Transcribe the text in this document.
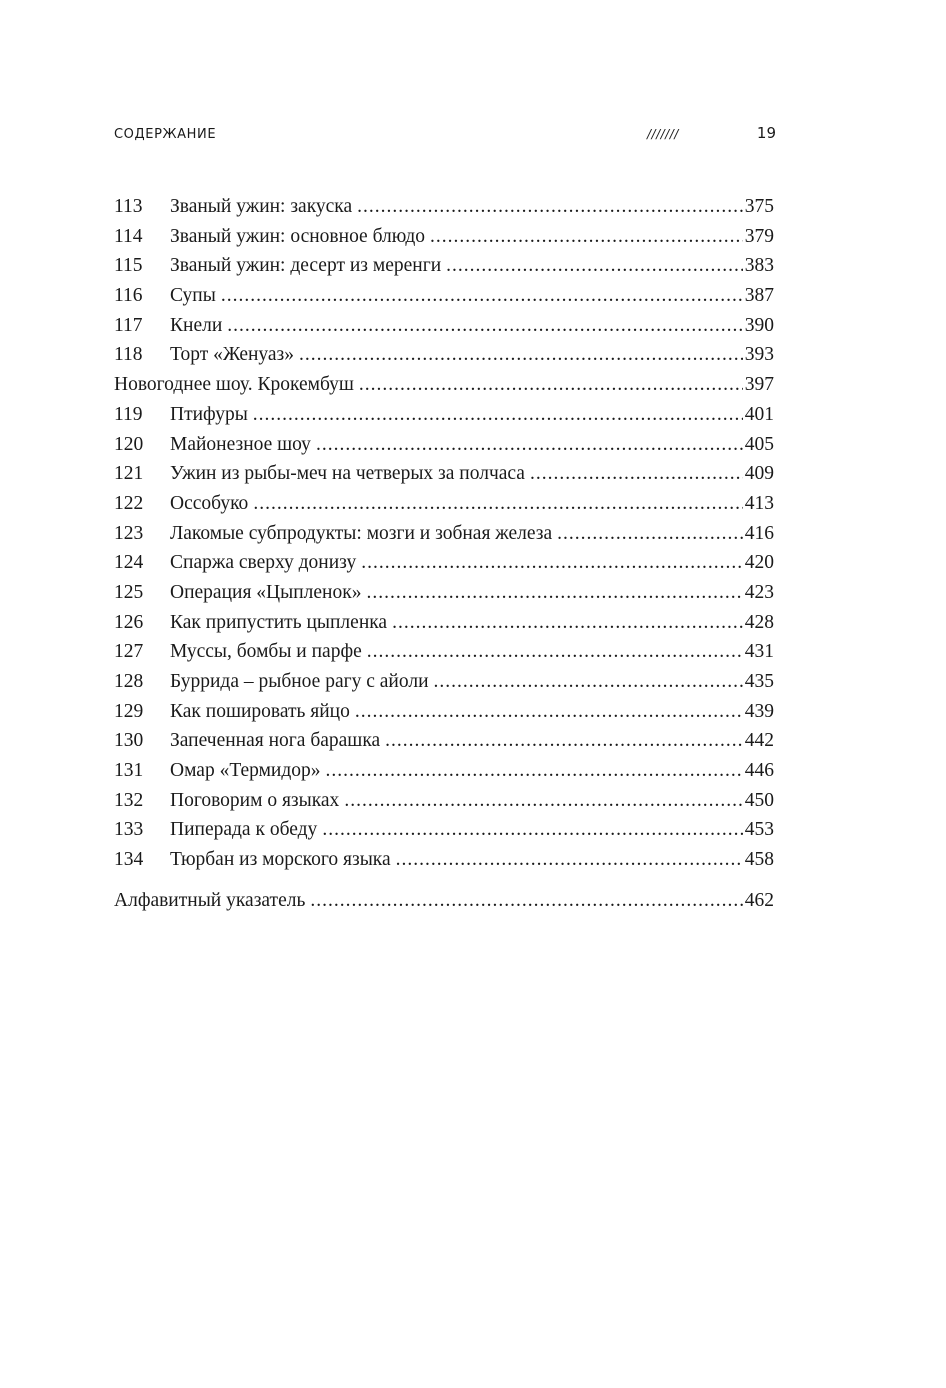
СОДЕРЖАНИЕ	///////	19
113	Званый ужин: закуска .....	375
114	Званый ужин: основное блюдо .....	379
115	Званый ужин: десерт из меренги .....	383
116	Супы .....	387
117	Кнели .....	390
118	Торт «Женуаз» .....	393
Новогоднее шоу. Крокембуш .....	397
119	Птифуры .....	401
120	Майонезное шоу .....	405
121	Ужин из рыбы-меч на четверых за полчаса .....	409
122	Оссобуко .....	413
123	Лакомые субпродукты: мозги и зобная железа .....	416
124	Спаржа сверху донизу .....	420
125	Операция «Цыпленок» .....	423
126	Как припустить цыпленка .....	428
127	Муссы, бомбы и парфе .....	431
128	Буррида – рыбное рагу с айоли .....	435
129	Как пошировать яйцо .....	439
130	Запеченная нога барашка .....	442
131	Омар «Термидор» .....	446
132	Поговорим о языках .....	450
133	Пиперада к обеду .....	453
134	Тюрбан из морского языка .....	458
Алфавитный указатель .....	462
